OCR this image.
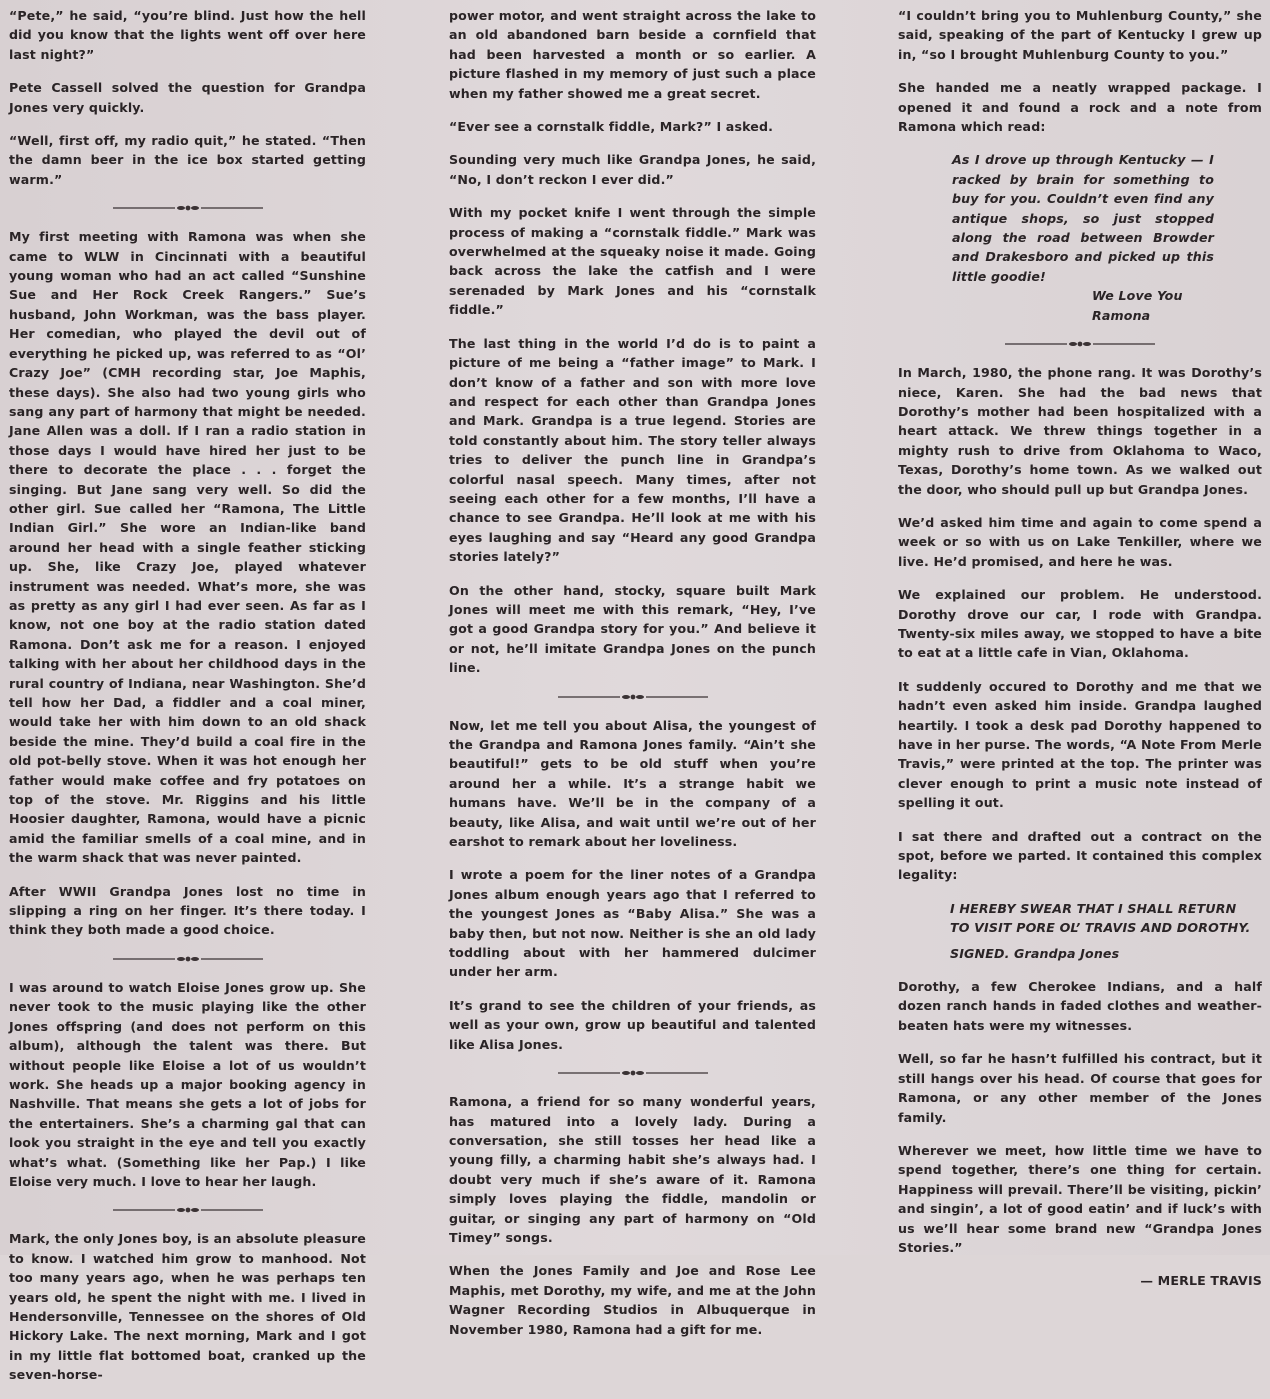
“Pete,” he said, “you’re blind. Just how the hell did you know that the lights went off over here last night?”

Pete Cassell solved the question for Grandpa Jones very quickly.

“Well, first off, my radio quit,” he stated. “Then the damn beer in the ice box started getting warm.”

My first meeting with Ramona was when she came to WLW in Cincinnati with a beautiful young woman who had an act called “Sunshine Sue and Her Rock Creek Rangers.” Sue’s husband, John Workman, was the bass player. Her comedian, who played the devil out of everything he picked up, was referred to as “Ol’ Crazy Joe” (CMH recording star, Joe Maphis, these days). She also had two young girls who sang any part of harmony that might be needed. Jane Allen was a doll. If I ran a radio station in those days I would have hired her just to be there to decorate the place . . . forget the singing. But Jane sang very well. So did the other girl. Sue called her “Ramona, The Little Indian Girl.” She wore an Indian-like band around her head with a single feather sticking up. She, like Crazy Joe, played whatever instrument was needed. What’s more, she was as pretty as any girl I had ever seen. As far as I know, not one boy at the radio station dated Ramona. Don’t ask me for a reason. I enjoyed talking with her about her childhood days in the rural country of Indiana, near Washington. She’d tell how her Dad, a fiddler and a coal miner, would take her with him down to an old shack beside the mine. They’d build a coal fire in the old pot-belly stove. When it was hot enough her father would make coffee and fry potatoes on top of the stove. Mr. Riggins and his little Hoosier daughter, Ramona, would have a picnic amid the familiar smells of a coal mine, and in the warm shack that was never painted.

After WWII Grandpa Jones lost no time in slipping a ring on her finger. It’s there today. I think they both made a good choice.

I was around to watch Eloise Jones grow up. She never took to the music playing like the other Jones offspring (and does not perform on this album), although the talent was there. But without people like Eloise a lot of us wouldn’t work. She heads up a major booking agency in Nashville. That means she gets a lot of jobs for the entertainers. She’s a charming gal that can look you straight in the eye and tell you exactly what’s what. (Something like her Pap.) I like Eloise very much. I love to hear her laugh.

Mark, the only Jones boy, is an absolute pleasure to know. I watched him grow to manhood. Not too many years ago, when he was perhaps ten years old, he spent the night with me. I lived in Hendersonville, Tennessee on the shores of Old Hickory Lake. The next morning, Mark and I got in my little flat bottomed boat, cranked up the seven-horse-

power motor, and went straight across the lake to an old abandoned barn beside a cornfield that had been harvested a month or so earlier. A picture flashed in my memory of just such a place when my father showed me a great secret.

“Ever see a cornstalk fiddle, Mark?” I asked.

Sounding very much like Grandpa Jones, he said, “No, I don’t reckon I ever did.”

With my pocket knife I went through the simple process of making a “cornstalk fiddle.” Mark was overwhelmed at the squeaky noise it made. Going back across the lake the catfish and I were serenaded by Mark Jones and his “cornstalk fiddle.”

The last thing in the world I’d do is to paint a picture of me being a “father image” to Mark. I don’t know of a father and son with more love and respect for each other than Grandpa Jones and Mark. Grandpa is a true legend. Stories are told constantly about him. The story teller always tries to deliver the punch line in Grandpa’s colorful nasal speech. Many times, after not seeing each other for a few months, I’ll have a chance to see Grandpa. He’ll look at me with his eyes laughing and say “Heard any good Grandpa stories lately?”

On the other hand, stocky, square built Mark Jones will meet me with this remark, “Hey, I’ve got a good Grandpa story for you.” And believe it or not, he’ll imitate Grandpa Jones on the punch line.

Now, let me tell you about Alisa, the youngest of the Grandpa and Ramona Jones family. “Ain’t she beautiful!” gets to be old stuff when you’re around her a while. It’s a strange habit we humans have. We’ll be in the company of a beauty, like Alisa, and wait until we’re out of her earshot to remark about her loveliness.

I wrote a poem for the liner notes of a Grandpa Jones album enough years ago that I referred to the youngest Jones as “Baby Alisa.” She was a baby then, but not now. Neither is she an old lady toddling about with her hammered dulcimer under her arm.

It’s grand to see the children of your friends, as well as your own, grow up beautiful and talented like Alisa Jones.

Ramona, a friend for so many wonderful years, has matured into a lovely lady. During a conversation, she still tosses her head like a young filly, a charming habit she’s always had. I doubt very much if she’s aware of it. Ramona simply loves playing the fiddle, mandolin or guitar, or singing any part of harmony on “Old Timey” songs.

When the Jones Family and Joe and Rose Lee Maphis, met Dorothy, my wife, and me at the John Wagner Recording Studios in Albuquerque in November 1980, Ramona had a gift for me.

“I couldn’t bring you to Muhlenburg County,” she said, speaking of the part of Kentucky I grew up in, “so I brought Muhlenburg County to you.”

She handed me a neatly wrapped package. I opened it and found a rock and a note from Ramona which read:

As I drove up through Kentucky — I racked by brain for something to buy for you. Couldn’t even find any antique shops, so just stopped along the road between Browder and Drakesboro and picked up this little goodie!
We Love You
Ramona

In March, 1980, the phone rang. It was Dorothy’s niece, Karen. She had the bad news that Dorothy’s mother had been hospitalized with a heart attack. We threw things together in a mighty rush to drive from Oklahoma to Waco, Texas, Dorothy’s home town. As we walked out the door, who should pull up but Grandpa Jones.

We’d asked him time and again to come spend a week or so with us on Lake Tenkiller, where we live. He’d promised, and here he was.

We explained our problem. He understood. Dorothy drove our car, I rode with Grandpa. Twenty-six miles away, we stopped to have a bite to eat at a little cafe in Vian, Oklahoma.

It suddenly occured to Dorothy and me that we hadn’t even asked him inside. Grandpa laughed heartily. I took a desk pad Dorothy happened to have in her purse. The words, “A Note From Merle Travis,” were printed at the top. The printer was clever enough to print a music note instead of spelling it out.

I sat there and drafted out a contract on the spot, before we parted. It contained this complex legality:

I HEREBY SWEAR THAT I SHALL RETURN TO VISIT PORE OL’ TRAVIS AND DOROTHY.
SIGNED. Grandpa Jones

Dorothy, a few Cherokee Indians, and a half dozen ranch hands in faded clothes and weather-beaten hats were my witnesses.

Well, so far he hasn’t fulfilled his contract, but it still hangs over his head. Of course that goes for Ramona, or any other member of the Jones family.

Wherever we meet, how little time we have to spend together, there’s one thing for certain. Happiness will prevail. There’ll be visiting, pickin’ and singin’, a lot of good eatin’ and if luck’s with us we’ll hear some brand new “Grandpa Jones Stories.”

— MERLE TRAVIS
